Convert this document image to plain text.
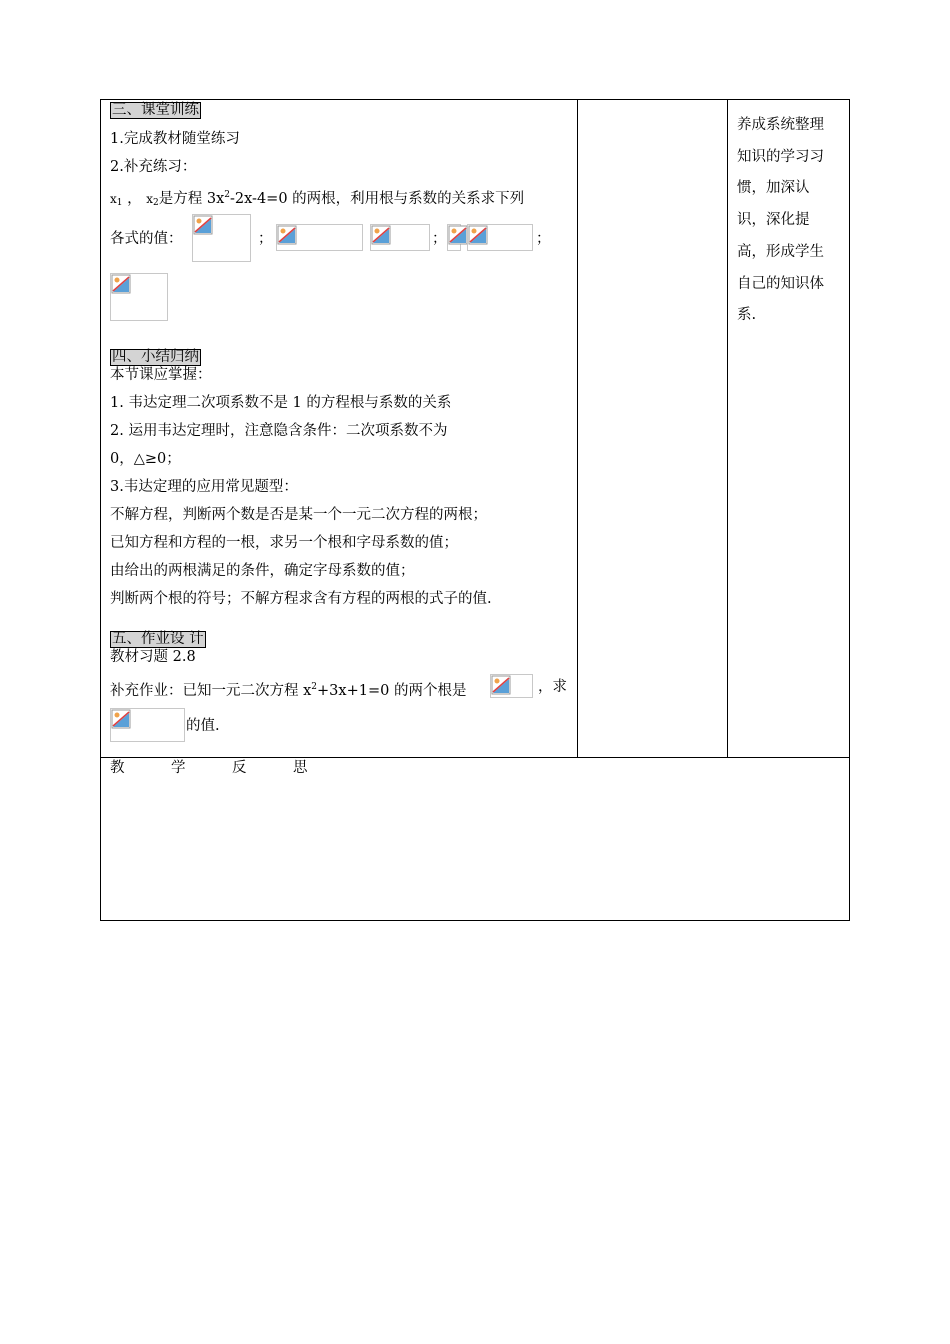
三、课堂训练
1.完成教材随堂练习
2.补充练习：
$x_1$ ， $x_2$是方程 $3x^2-2x-4=0$ 的两根，利用根与系数的关系求下列
各式的值：	；	；	；
四、小结归纳
本节课应掌握：
1. 韦达定理二次项系数不是 1 的方程根与系数的关系
2. 运用韦达定理时，注意隐含条件：二次项系数不为
0，△≥0；
3.韦达定理的应用常见题型：
不解方程，判断两个数是否是某一个一元二次方程的两根；
已知方程和方程的一根，求另一个根和字母系数的值；
由给出的两根满足的条件，确定字母系数的值；
判断两个根的符号；不解方程求含有方程的两根的式子的值.
五、作业设 计
教材习题 2.8
补充作业：已知一元二次方程 $x^2+3x+1=0$ 的两个根是	，求
的值.
养成系统整理
知识的学习习
惯，加深认
识，深化提
高，形成学生
自己的知识体
系.
教	学	反	思
